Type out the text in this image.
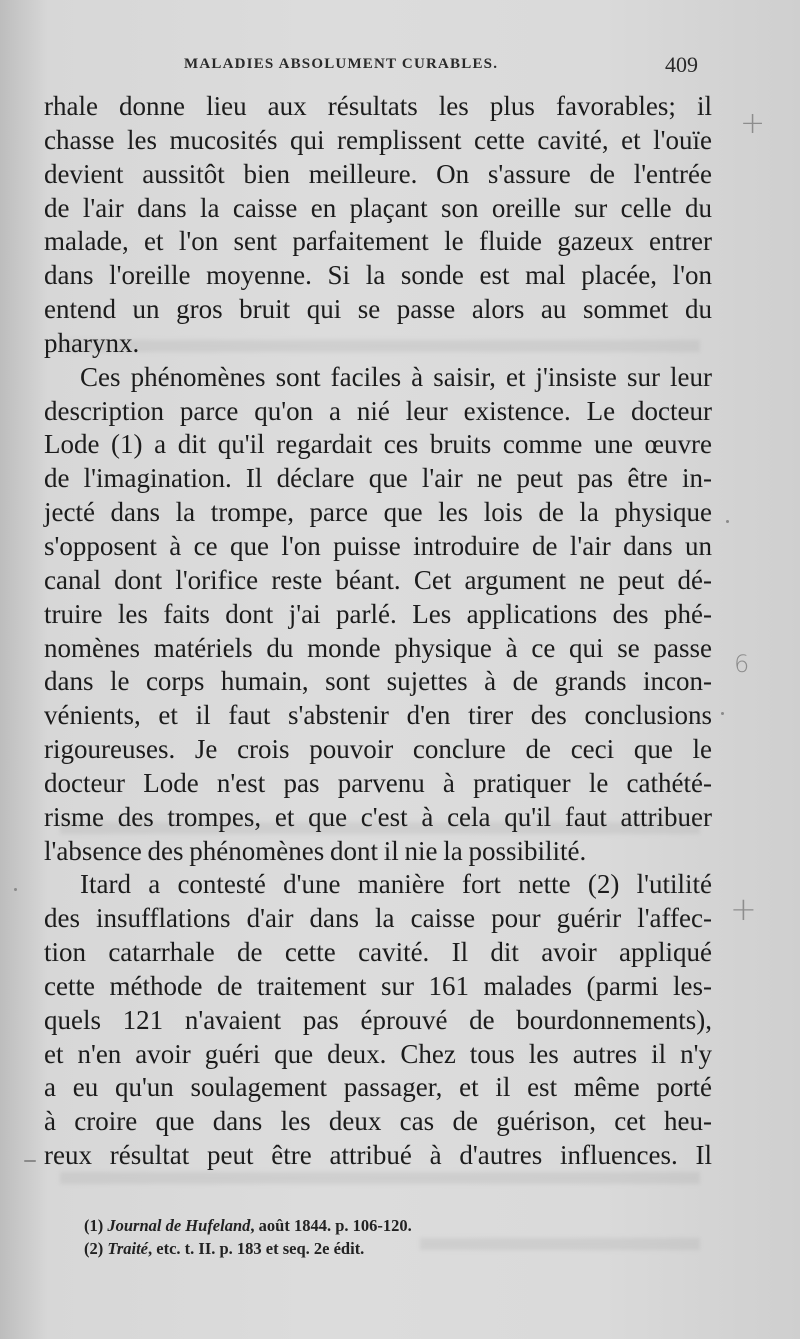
MALADIES ABSOLUMENT CURABLES.	409
rhale donne lieu aux résultats les plus favorables; il
chasse les mucosités qui remplissent cette cavité, et l'ouïe
devient aussitôt bien meilleure. On s'assure de l'entrée
de l'air dans la caisse en plaçant son oreille sur celle du
malade, et l'on sent parfaitement le fluide gazeux entrer
dans l'oreille moyenne. Si la sonde est mal placée, l'on
entend un gros bruit qui se passe alors au sommet du
pharynx.
Ces phénomènes sont faciles à saisir, et j'insiste sur leur
description parce qu'on a nié leur existence. Le docteur
Lode (1) a dit qu'il regardait ces bruits comme une œuvre
de l'imagination. Il déclare que l'air ne peut pas être in-
jecté dans la trompe, parce que les lois de la physique
s'opposent à ce que l'on puisse introduire de l'air dans un
canal dont l'orifice reste béant. Cet argument ne peut dé-
truire les faits dont j'ai parlé. Les applications des phé-
nomènes matériels du monde physique à ce qui se passe
dans le corps humain, sont sujettes à de grands incon-
vénients, et il faut s'abstenir d'en tirer des conclusions
rigoureuses. Je crois pouvoir conclure de ceci que le
docteur Lode n'est pas parvenu à pratiquer le cathété-
risme des trompes, et que c'est à cela qu'il faut attribuer
l'absence des phénomènes dont il nie la possibilité.
Itard a contesté d'une manière fort nette (2) l'utilité
des insufflations d'air dans la caisse pour guérir l'affec-
tion catarrhale de cette cavité. Il dit avoir appliqué
cette méthode de traitement sur 161 malades (parmi les-
quels 121 n'avaient pas éprouvé de bourdonnements),
et n'en avoir guéri que deux. Chez tous les autres il n'y
a eu qu'un soulagement passager, et il est même porté
à croire que dans les deux cas de guérison, cet heu-
reux résultat peut être attribué à d'autres influences. Il
(1) Journal de Hufeland, août 1844. p. 106-120.
(2) Traité, etc. t. II. p. 183 et seq. 2e édit.
+
6
+
